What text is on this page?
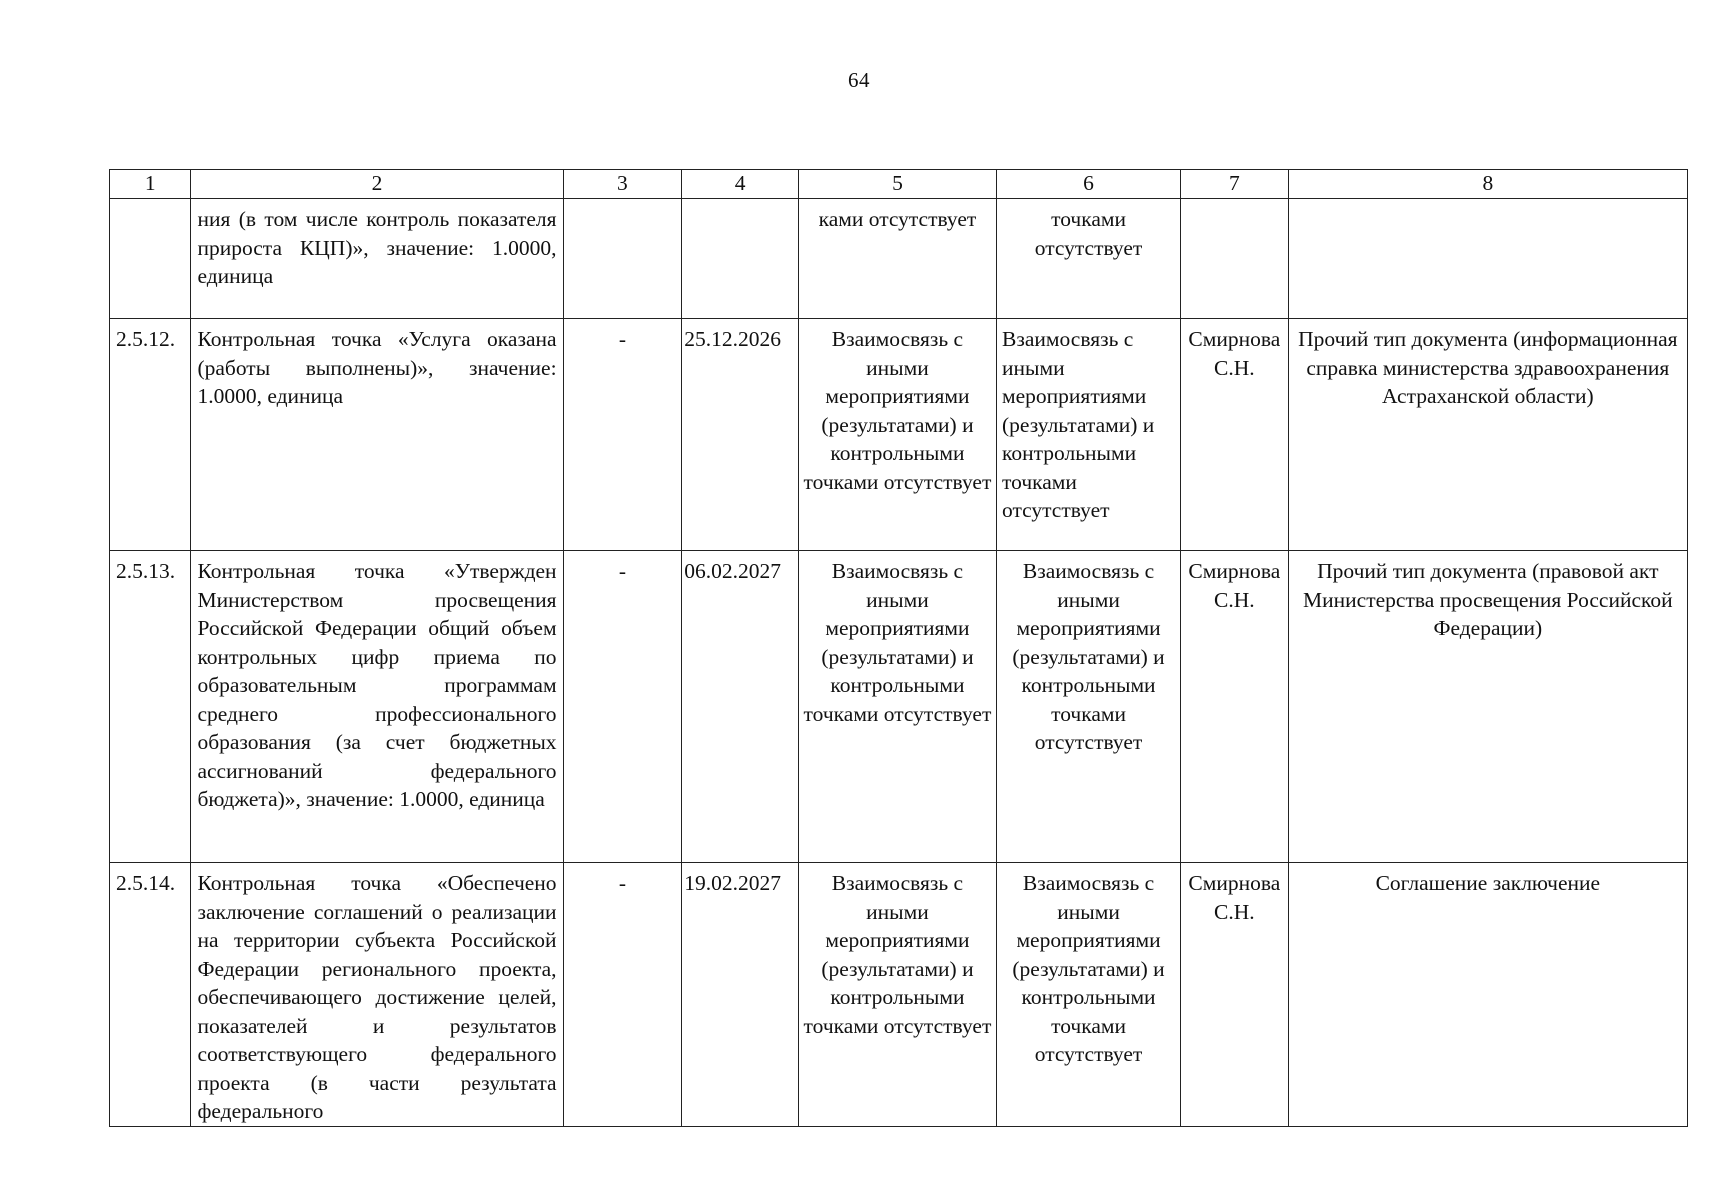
64
1	2	3	4	5	6	7	8

	ния (в том числе контроль показателя прироста КЦП)», значение: 1.0000, единица			ками отсутствует	точками отсутствует		

2.5.12.	Контрольная точка «Услуга оказана (работы выполнены)», значение: 1.0000, единица	-	25.12.2026	Взаимосвязь с иными мероприятиями (результатами) и контрольными точками отсутствует	Взаимосвязь с иными мероприятиями (результатами) и контрольными точками отсутствует	Смирнова С.Н.	Прочий тип документа (информационная справка министерства здравоохранения Астраханской области)

2.5.13.	Контрольная точка «Утвержден Министерством просвещения Российской Федерации общий объем контрольных цифр приема по образовательным программам среднего профессионального образования (за счет бюджетных ассигнований федерального бюджета)», значение: 1.0000, единица	-	06.02.2027	Взаимосвязь с иными мероприятиями (результатами) и контрольными точками отсутствует	Взаимосвязь с иными мероприятиями (результатами) и контрольными точками отсутствует	Смирнова С.Н.	Прочий тип документа (правовой акт Министерства просвещения Российской Федерации)

2.5.14.	Контрольная точка «Обеспечено заключение соглашений о реализации на территории субъекта Российской Федерации регионального проекта, обеспечивающего достижение целей, показателей и результатов соответствующего федерального проекта (в части результата федерального	-	19.02.2027	Взаимосвязь с иными мероприятиями (результатами) и контрольными точками отсутствует	Взаимосвязь с иными мероприятиями (результатами) и контрольными точками отсутствует	Смирнова С.Н.	Соглашение заключение
